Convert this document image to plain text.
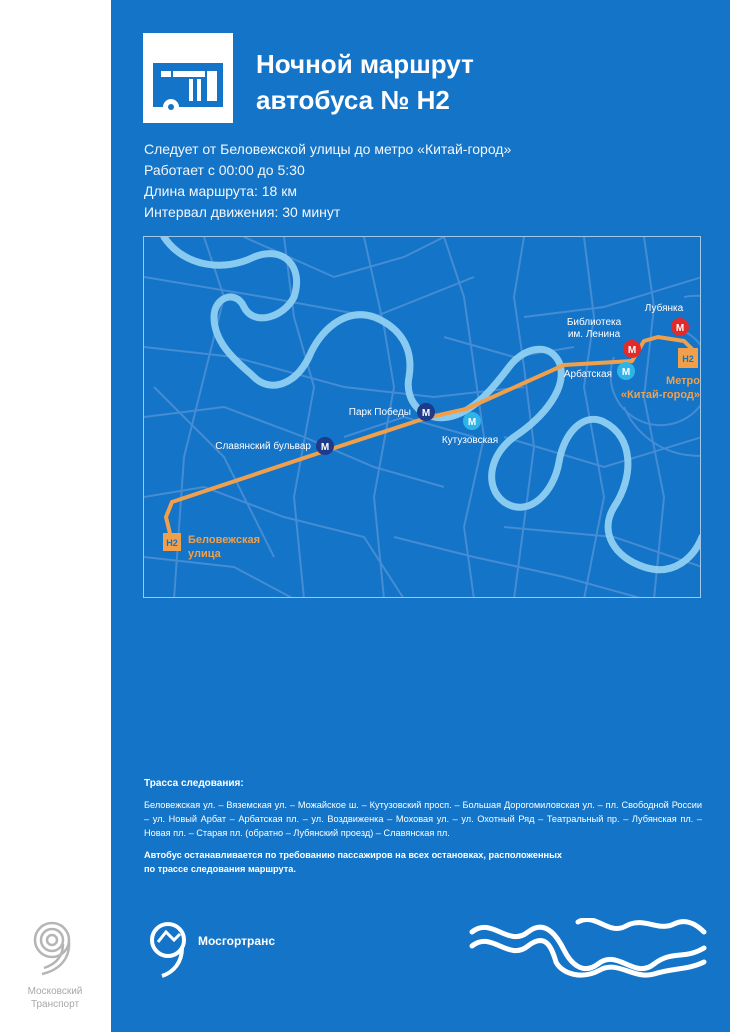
Ночной маршрут
автобуса № Н2
Следует от Беловежской улицы до метро «Китай-город»
Работает с 00:00 до 5:30
Длина маршрута: 18 км
Интервал движения: 30 минут
Н2 Беловежская
улица
Н2
Метро
«Китай-город»
М
Славянский бульвар
М
Парк Победы
М
Кутузовская
М
Арбатская
М
Библиотека
им. Ленина
М
Лубянка

Трасса следования:

Беловежская ул. – Вяземская ул. – Можайское ш. – Кутузовский просп. – Большая Дорогомиловская ул. – пл. Свободной России – ул. Новый Арбат – Арбатская пл. – ул. Воздвиженка – Моховая ул. – ул. Охотный Ряд – Театральный пр. – Лубянская пл. – Новая пл. – Старая пл. (обратно – Лубянский проезд) – Славянская пл.

Автобус останавливается по требованию пассажиров на всех остановках, расположенных по трассе следования маршрута.

Мосгортранс
Московский
Транспорт
